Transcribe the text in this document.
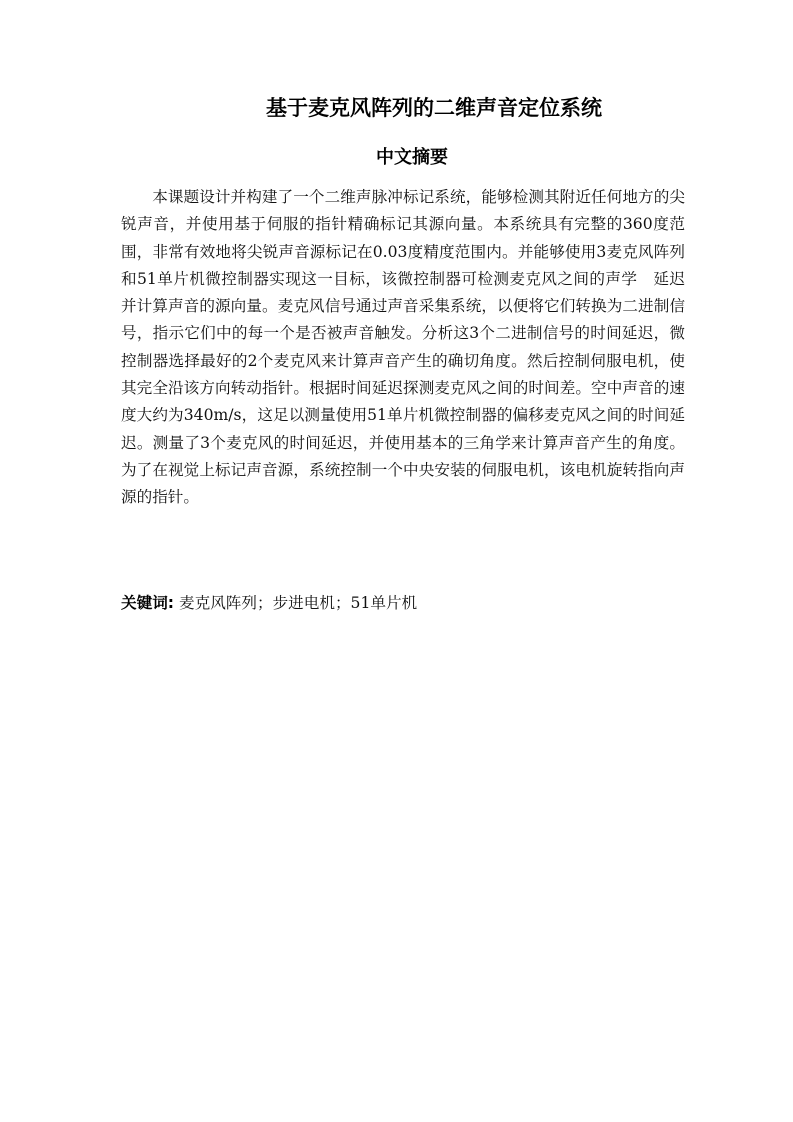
基于麦克风阵列的二维声音定位系统
中文摘要

本课题设计并构建了一个二维声脉冲标记系统，能够检测其附近任何地方的尖锐声音，并使用基于伺服的指针精确标记其源向量。本系统具有完整的360度范围，非常有效地将尖锐声音源标记在0.03度精度范围内。并能够使用3麦克风阵列和51单片机微控制器实现这一目标，该微控制器可检测麦克风之间的声学　延迟并计算声音的源向量。麦克风信号通过声音采集系统，以便将它们转换为二进制信号，指示它们中的每一个是否被声音触发。分析这3个二进制信号的时间延迟，微控制器选择最好的2个麦克风来计算声音产生的确切角度。然后控制伺服电机，使其完全沿该方向转动指针。根据时间延迟探测麦克风之间的时间差。空中声音的速度大约为340m/s，这足以测量使用51单片机微控制器的偏移麦克风之间的时间延迟。测量了3个麦克风的时间延迟，并使用基本的三角学来计算声音产生的角度。为了在视觉上标记声音源，系统控制一个中央安装的伺服电机，该电机旋转指向声源的指针。

关键词: 麦克风阵列；步进电机；51单片机
